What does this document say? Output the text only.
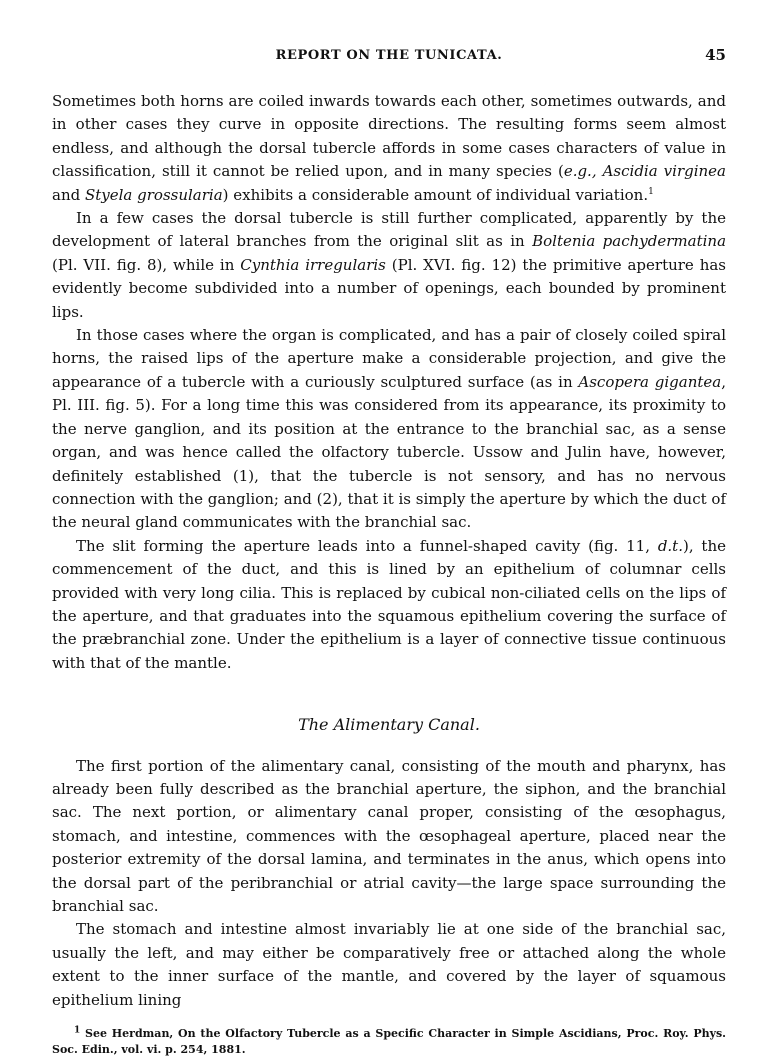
REPORT ON THE TUNICATA.	45

Sometimes both horns are coiled inwards towards each other, sometimes outwards, and in other cases they curve in opposite directions. The resulting forms seem almost endless, and although the dorsal tubercle affords in some cases characters of value in classification, still it cannot be relied upon, and in many species (e.g., Ascidia virginea and Styela grossularia) exhibits a considerable amount of individual variation.$^1$

In a few cases the dorsal tubercle is still further complicated, apparently by the development of lateral branches from the original slit as in Boltenia pachydermatina (Pl. VII. fig. 8), while in Cynthia irregularis (Pl. XVI. fig. 12) the primitive aperture has evidently become subdivided into a number of openings, each bounded by prominent lips.

In those cases where the organ is complicated, and has a pair of closely coiled spiral horns, the raised lips of the aperture make a considerable projection, and give the appearance of a tubercle with a curiously sculptured surface (as in Ascopera gigantea, Pl. III. fig. 5). For a long time this was considered from its appearance, its proximity to the nerve ganglion, and its position at the entrance to the branchial sac, as a sense organ, and was hence called the olfactory tubercle. Ussow and Julin have, however, definitely established (1), that the tubercle is not sensory, and has no nervous connection with the ganglion; and (2), that it is simply the aperture by which the duct of the neural gland communicates with the branchial sac.

The slit forming the aperture leads into a funnel-shaped cavity (fig. 11, d.t.), the commencement of the duct, and this is lined by an epithelium of columnar cells provided with very long cilia. This is replaced by cubical non-ciliated cells on the lips of the aperture, and that graduates into the squamous epithelium covering the surface of the præbranchial zone. Under the epithelium is a layer of connective tissue continuous with that of the mantle.

The Alimentary Canal.

The first portion of the alimentary canal, consisting of the mouth and pharynx, has already been fully described as the branchial aperture, the siphon, and the branchial sac. The next portion, or alimentary canal proper, consisting of the œsophagus, stomach, and intestine, commences with the œsophageal aperture, placed near the posterior extremity of the dorsal lamina, and terminates in the anus, which opens into the dorsal part of the peribranchial or atrial cavity—the large space surrounding the branchial sac.

The stomach and intestine almost invariably lie at one side of the branchial sac, usually the left, and may either be comparatively free or attached along the whole extent to the inner surface of the mantle, and covered by the layer of squamous epithelium lining

$^1$ See Herdman, On the Olfactory Tubercle as a Specific Character in Simple Ascidians, Proc. Roy. Phys. Soc. Edin., vol. vi. p. 254, 1881.
